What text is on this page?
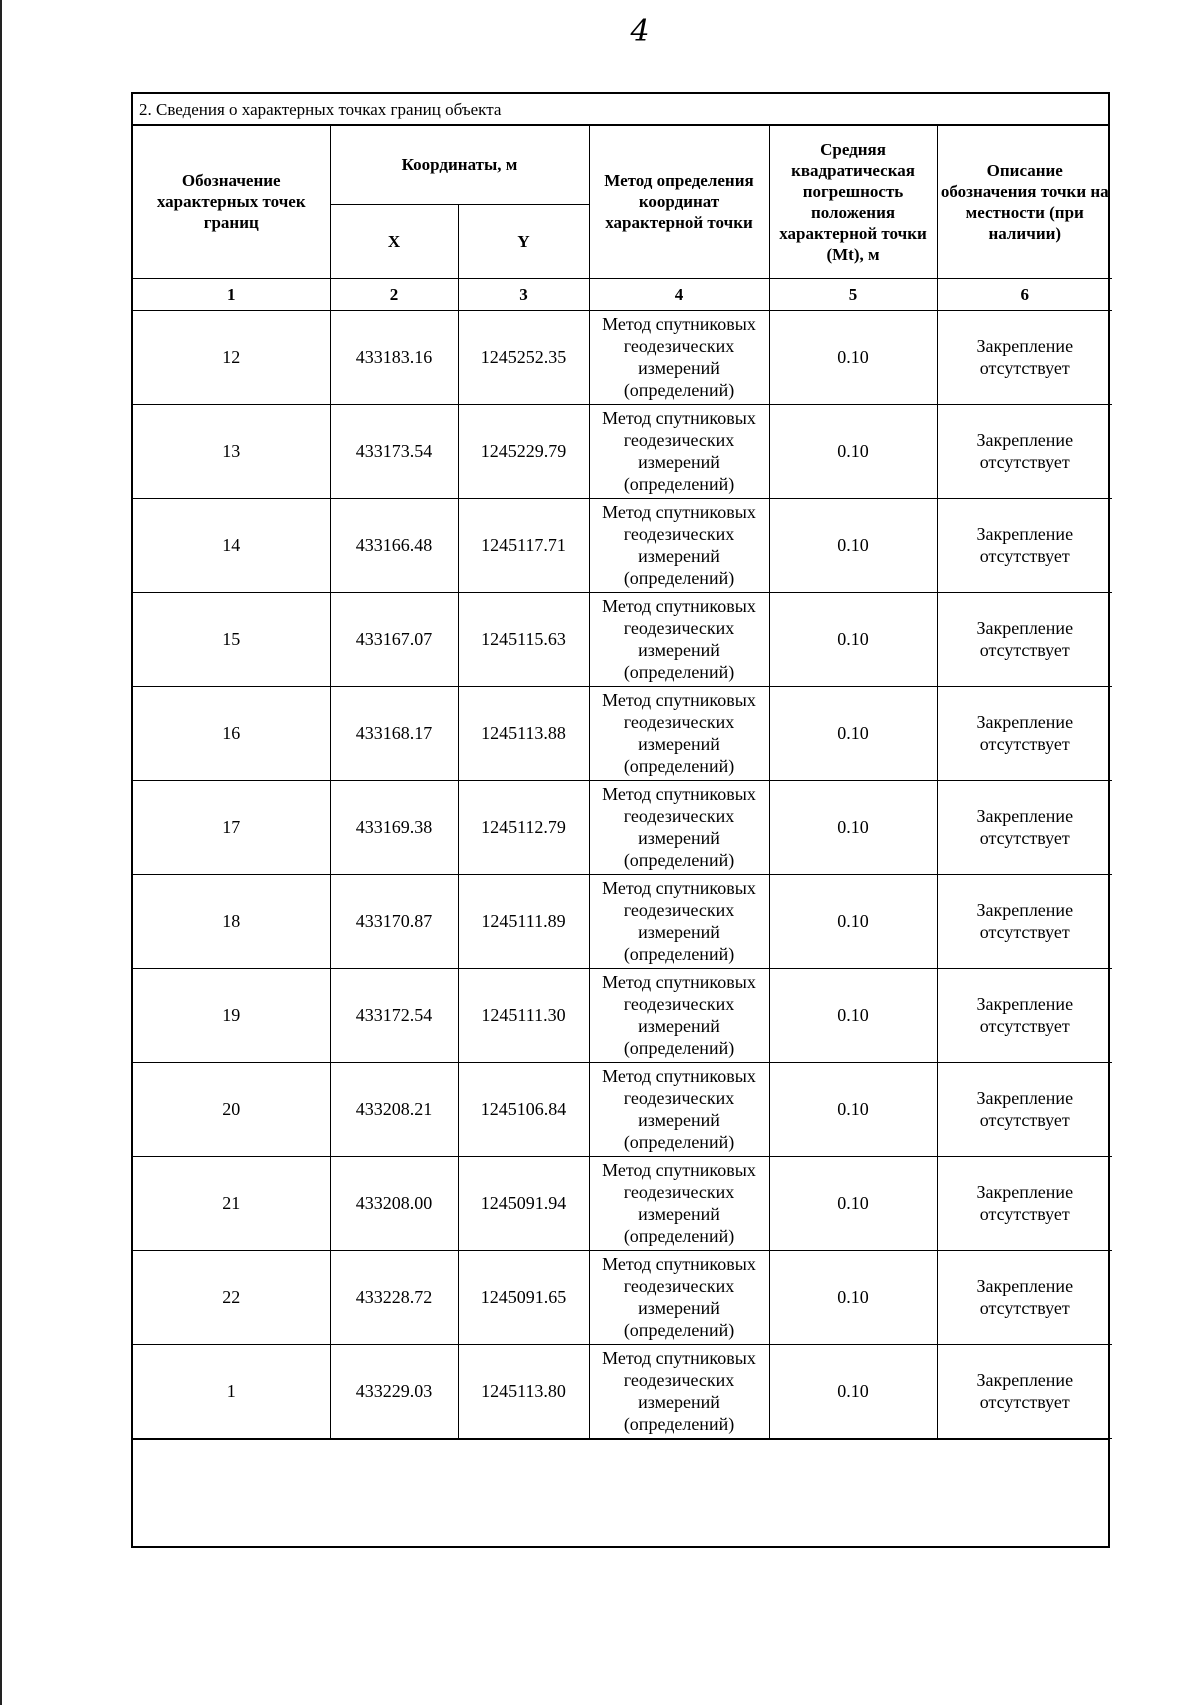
4
2. Сведения о характерных точках границ объекта
Обозначение характерных точек границ	Координаты, м		Метод определения координат характерной точки	Средняя квадратическая погрешность положения характерной точки (Mt), м	Описание обозначения точки на местности (при наличии)
	X	Y			
1	2	3	4	5	6
12	433183.16	1245252.35	Метод спутниковых геодезических измерений (определений)	0.10	Закрепление отсутствует
13	433173.54	1245229.79	Метод спутниковых геодезических измерений (определений)	0.10	Закрепление отсутствует
14	433166.48	1245117.71	Метод спутниковых геодезических измерений (определений)	0.10	Закрепление отсутствует
15	433167.07	1245115.63	Метод спутниковых геодезических измерений (определений)	0.10	Закрепление отсутствует
16	433168.17	1245113.88	Метод спутниковых геодезических измерений (определений)	0.10	Закрепление отсутствует
17	433169.38	1245112.79	Метод спутниковых геодезических измерений (определений)	0.10	Закрепление отсутствует
18	433170.87	1245111.89	Метод спутниковых геодезических измерений (определений)	0.10	Закрепление отсутствует
19	433172.54	1245111.30	Метод спутниковых геодезических измерений (определений)	0.10	Закрепление отсутствует
20	433208.21	1245106.84	Метод спутниковых геодезических измерений (определений)	0.10	Закрепление отсутствует
21	433208.00	1245091.94	Метод спутниковых геодезических измерений (определений)	0.10	Закрепление отсутствует
22	433228.72	1245091.65	Метод спутниковых геодезических измерений (определений)	0.10	Закрепление отсутствует
1	433229.03	1245113.80	Метод спутниковых геодезических измерений (определений)	0.10	Закрепление отсутствует
